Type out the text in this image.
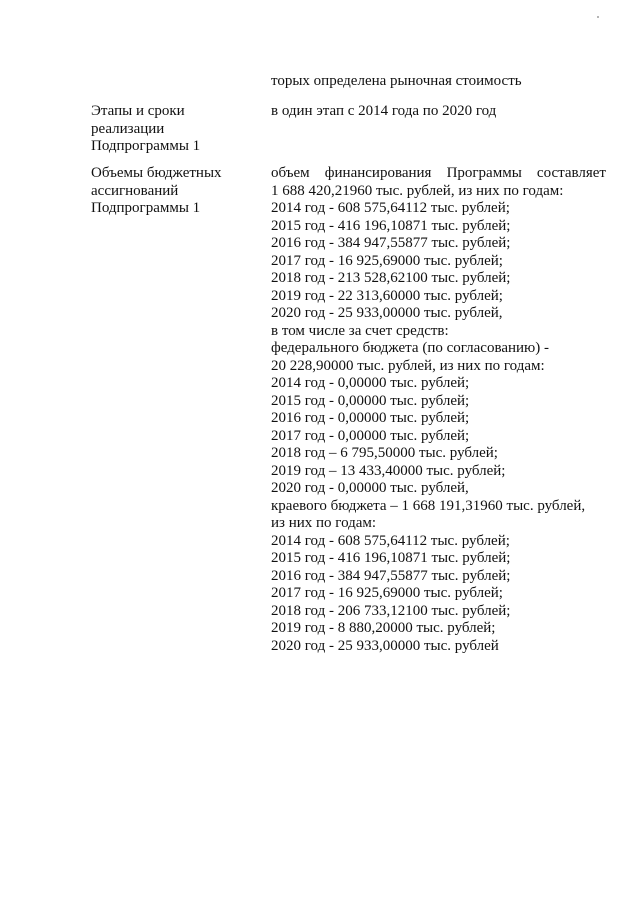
торых определена рыночная стоимость
Этапы и сроки реализации Подпрограммы 1
в один этап с 2014 года по 2020 год
Объемы бюджетных ассигнований Подпрограммы 1
объем финансирования Программы составляет
1 688 420,21960 тыс. рублей, из них по годам:
2014 год - 608 575,64112 тыс. рублей;
2015 год - 416 196,10871 тыс. рублей;
2016 год - 384 947,55877 тыс. рублей;
2017 год - 16 925,69000 тыс. рублей;
2018 год - 213 528,62100 тыс. рублей;
2019 год - 22 313,60000 тыс. рублей;
2020 год - 25 933,00000 тыс. рублей,
в том числе за счет средств:
федерального бюджета (по согласованию) -
20 228,90000 тыс. рублей, из них по годам:
2014 год - 0,00000 тыс. рублей;
2015 год - 0,00000 тыс. рублей;
2016 год - 0,00000 тыс. рублей;
2017 год - 0,00000 тыс. рублей;
2018 год – 6 795,50000 тыс. рублей;
2019 год – 13 433,40000 тыс. рублей;
2020 год - 0,00000 тыс. рублей,
краевого бюджета – 1 668 191,31960 тыс. рублей,
из них по годам:
2014 год - 608 575,64112 тыс. рублей;
2015 год - 416 196,10871 тыс. рублей;
2016 год - 384 947,55877 тыс. рублей;
2017 год - 16 925,69000 тыс. рублей;
2018 год - 206 733,12100 тыс. рублей;
2019 год - 8 880,20000 тыс. рублей;
2020 год - 25 933,00000 тыс. рублей
